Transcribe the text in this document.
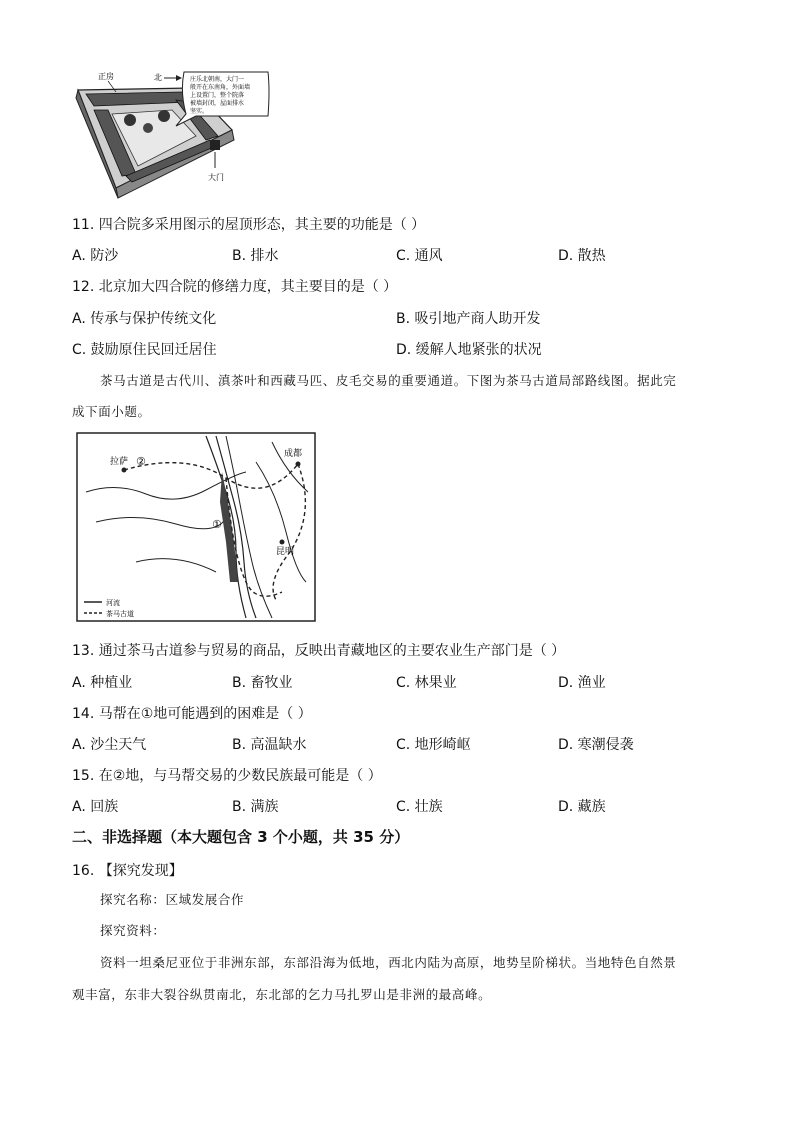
庄乐北朝南，大门一
般开在东南角，外面墙
上设置门，整个院落
被墙封闭，屋面排水
坚实。
正房	北
大门
11. 四合院多采用图示的屋顶形态，其主要的功能是（ ）
A. 防沙	B. 排水	C. 通风	D. 散热
12. 北京加大四合院的修缮力度，其主要目的是（ ）
A. 传承与保护传统文化	B. 吸引地产商人助开发
C. 鼓励原住民回迁居住	D. 缓解人地紧张的状况
茶马古道是古代川、滇茶叶和西藏马匹、皮毛交易的重要通道。下图为茶马古道局部路线图。据此完
成下面小题。
拉萨 ②
成都
①
昆明
河流
茶马古道
13. 通过茶马古道参与贸易的商品，反映出青藏地区的主要农业生产部门是（ ）
A. 种植业	B. 畜牧业	C. 林果业	D. 渔业
14. 马帮在①地可能遇到的困难是（ ）
A. 沙尘天气	B. 高温缺水	C. 地形崎岖	D. 寒潮侵袭
15. 在②地，与马帮交易的少数民族最可能是（ ）
A. 回族	B. 满族	C. 壮族	D. 藏族
二、非选择题（本大题包含 3 个小题，共 35 分）
16. 【探究发现】
探究名称：区域发展合作
探究资料：
资料一坦桑尼亚位于非洲东部，东部沿海为低地，西北内陆为高原，地势呈阶梯状。当地特色自然景
观丰富，东非大裂谷纵贯南北，东北部的乞力马扎罗山是非洲的最高峰。
